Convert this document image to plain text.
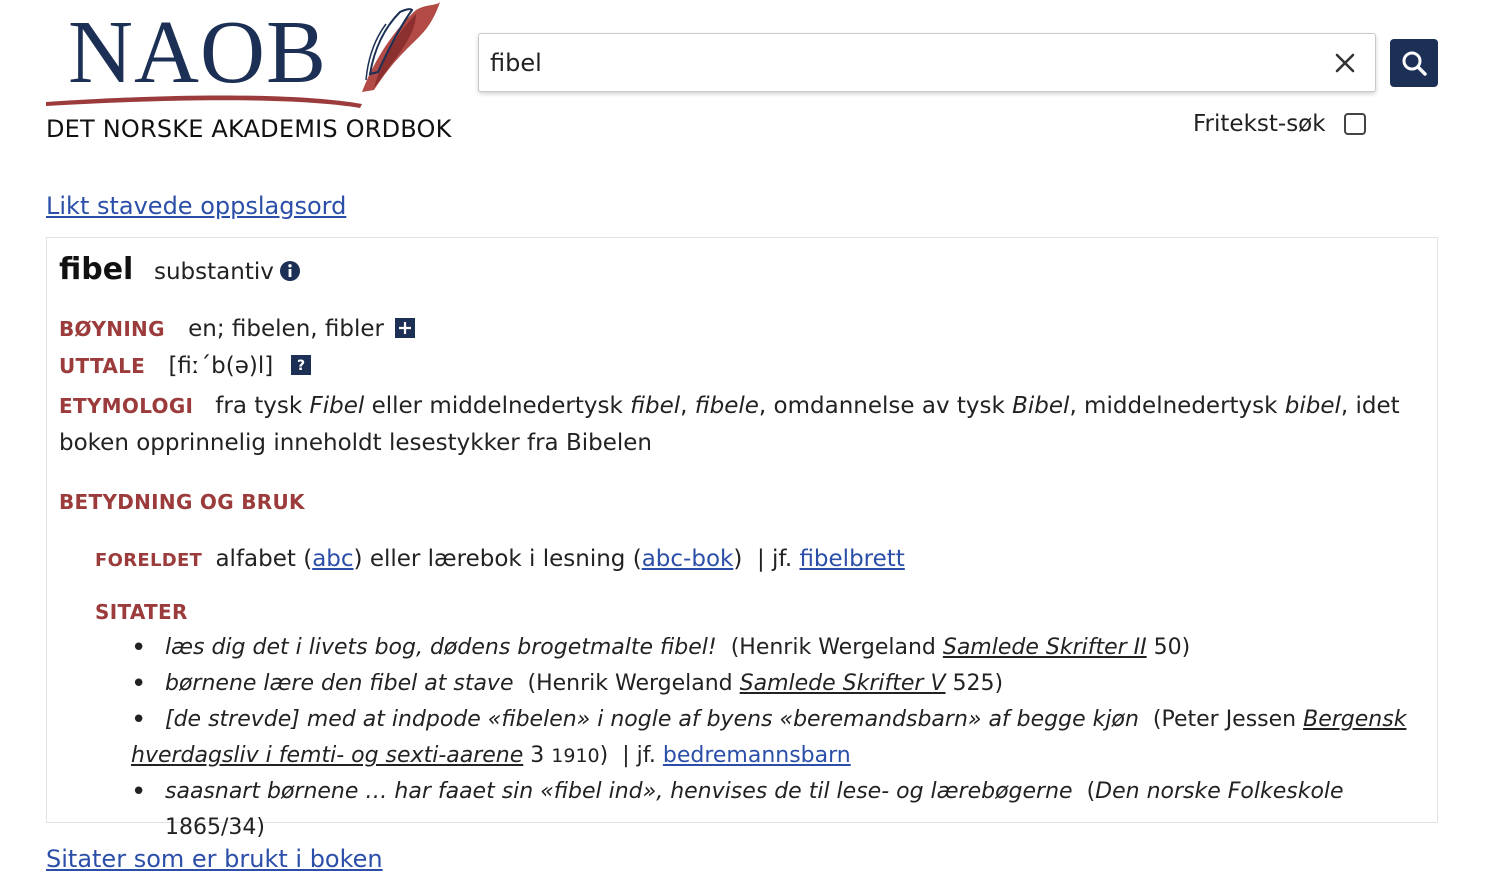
NAOB
DET NORSKE AKADEMIS ORDBOK
fibel	Fritekst-søk
Likt stavede oppslagsord
fibel substantiv
BØYNING en; fibelen, fibler
UTTALE [fiː´b(ə)l] ?
ETYMOLOGI fra tysk Fibel eller middelnedertysk fibel, fibele, omdannelse av tysk Bibel, middelnedertysk bibel, idet boken opprinnelig inneholdt lesestykker fra Bibelen
BETYDNING OG BRUK
FORELDET alfabet (abc) eller lærebok i lesning (abc-bok)  | jf. fibelbrett
SITATER
• læs dig det i livets bog, dødens brogetmalte fibel! (Henrik Wergeland Samlede Skrifter II 50)
• børnene lære den fibel at stave (Henrik Wergeland Samlede Skrifter V 525)
• [de strevde] med at indpode «fibelen» i nogle af byens «beremandsbarn» af begge kjøn (Peter Jessen Bergensk
hverdagsliv i femti- og sexti-aarene 3 1910)  | jf. bedremannsbarn
• saasnart børnene … har faaet sin «fibel ind», henvises de til lese- og lærebøgerne (Den norske Folkeskole 1865/34)
Sitater som er brukt i boken
